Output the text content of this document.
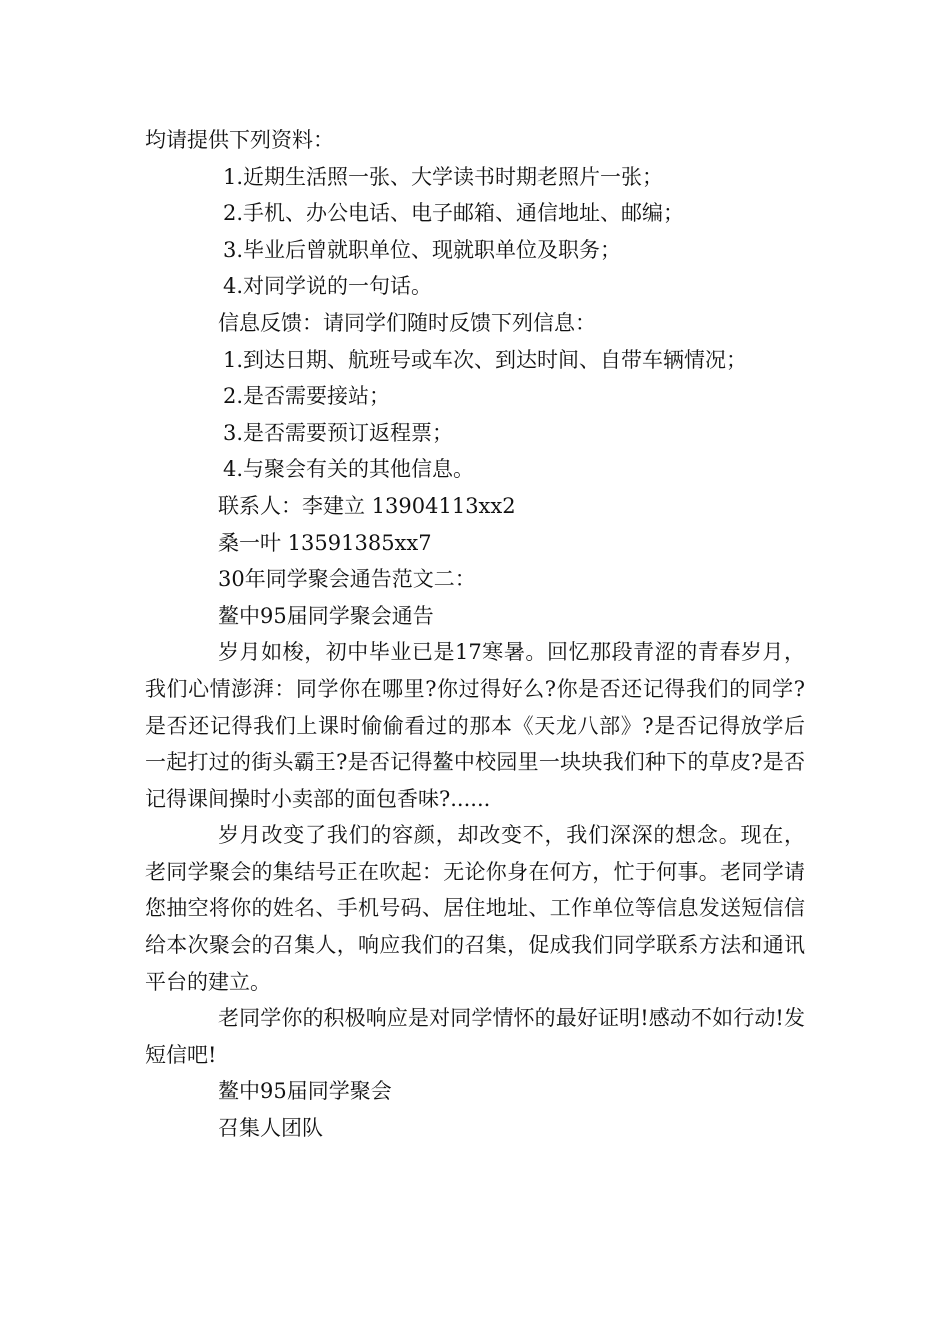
均请提供下列资料：
1.近期生活照一张、大学读书时期老照片一张；
2.手机、办公电话、电子邮箱、通信地址、邮编；
3.毕业后曾就职单位、现就职单位及职务；
4.对同学说的一句话。
信息反馈：请同学们随时反馈下列信息：
1.到达日期、航班号或车次、到达时间、自带车辆情况；
2.是否需要接站；
3.是否需要预订返程票；
4.与聚会有关的其他信息。
联系人：李建立 13904113xx2
桑一叶 13591385xx7
30年同学聚会通告范文二：
鳌中95届同学聚会通告
岁月如梭，初中毕业已是17寒暑。回忆那段青涩的青春岁月，我们心情澎湃：同学你在哪里?你过得好么?你是否还记得我们的同学?是否还记得我们上课时偷偷看过的那本《天龙八部》?是否记得放学后一起打过的街头霸王?是否记得鳌中校园里一块块我们种下的草皮?是否记得课间操时小卖部的面包香味?......
岁月改变了我们的容颜，却改变不，我们深深的想念。现在，老同学聚会的集结号正在吹起：无论你身在何方，忙于何事。老同学请您抽空将你的姓名、手机号码、居住地址、工作单位等信息发送短信信给本次聚会的召集人，响应我们的召集，促成我们同学联系方法和通讯平台的建立。
老同学你的积极响应是对同学情怀的最好证明!感动不如行动!发短信吧!
鳌中95届同学聚会
召集人团队
